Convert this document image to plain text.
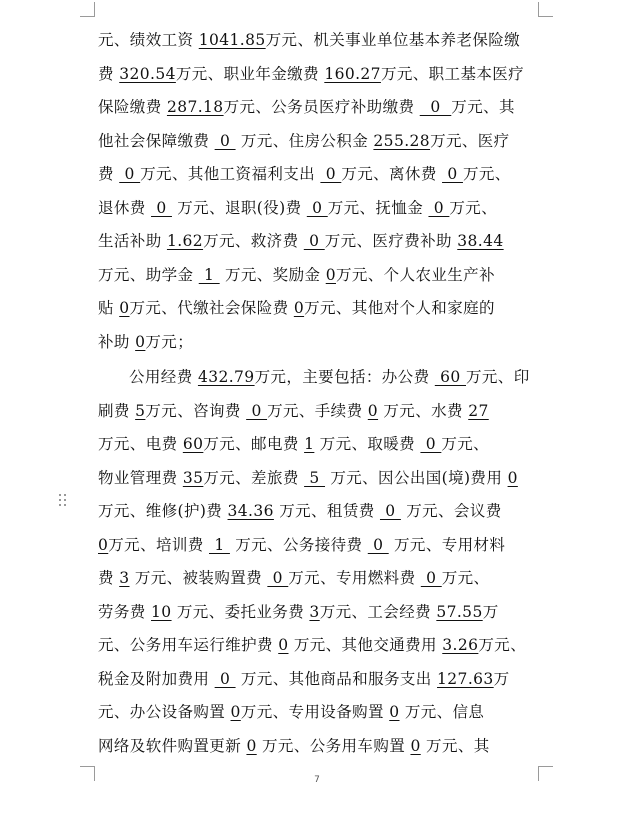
元、绩效工资 1041.85万元、机关事业单位基本养老保险缴
费 320.54万元、职业年金缴费 160.27万元、职工基本医疗
保险缴费 287.18万元、公务员医疗补助缴费   0  万元、其
他社会保障缴费  0  万元、住房公积金 255.28万元、医疗
费  0 万元、其他工资福利支出  0 万元、离休费  0 万元、
退休费  0  万元、退职(役)费  0 万元、抚恤金  0 万元、
生活补助 1.62万元、救济费  0 万元、医疗费补助 38.44
万元、助学金  1  万元、奖励金 0万元、个人农业生产补
贴 0万元、代缴社会保险费 0万元、其他对个人和家庭的
补助 0万元；
公用经费 432.79万元，主要包括：办公费  60 万元、印
刷费 5万元、咨询费  0 万元、手续费 0 万元、水费 27
万元、电费 60万元、邮电费 1 万元、取暖费  0 万元、
物业管理费 35万元、差旅费  5  万元、因公出国(境)费用 0
万元、维修(护)费 34.36 万元、租赁费  0  万元、会议费
0万元、培训费  1  万元、公务接待费  0  万元、专用材料
费 3 万元、被装购置费  0 万元、专用燃料费  0 万元、
劳务费 10 万元、委托业务费 3万元、工会经费 57.55万
元、公务用车运行维护费 0 万元、其他交通费用 3.26万元、
税金及附加费用  0  万元、其他商品和服务支出 127.63万
元、办公设备购置 0万元、专用设备购置 0 万元、信息
网络及软件购置更新 0 万元、公务用车购置 0 万元、其
7
